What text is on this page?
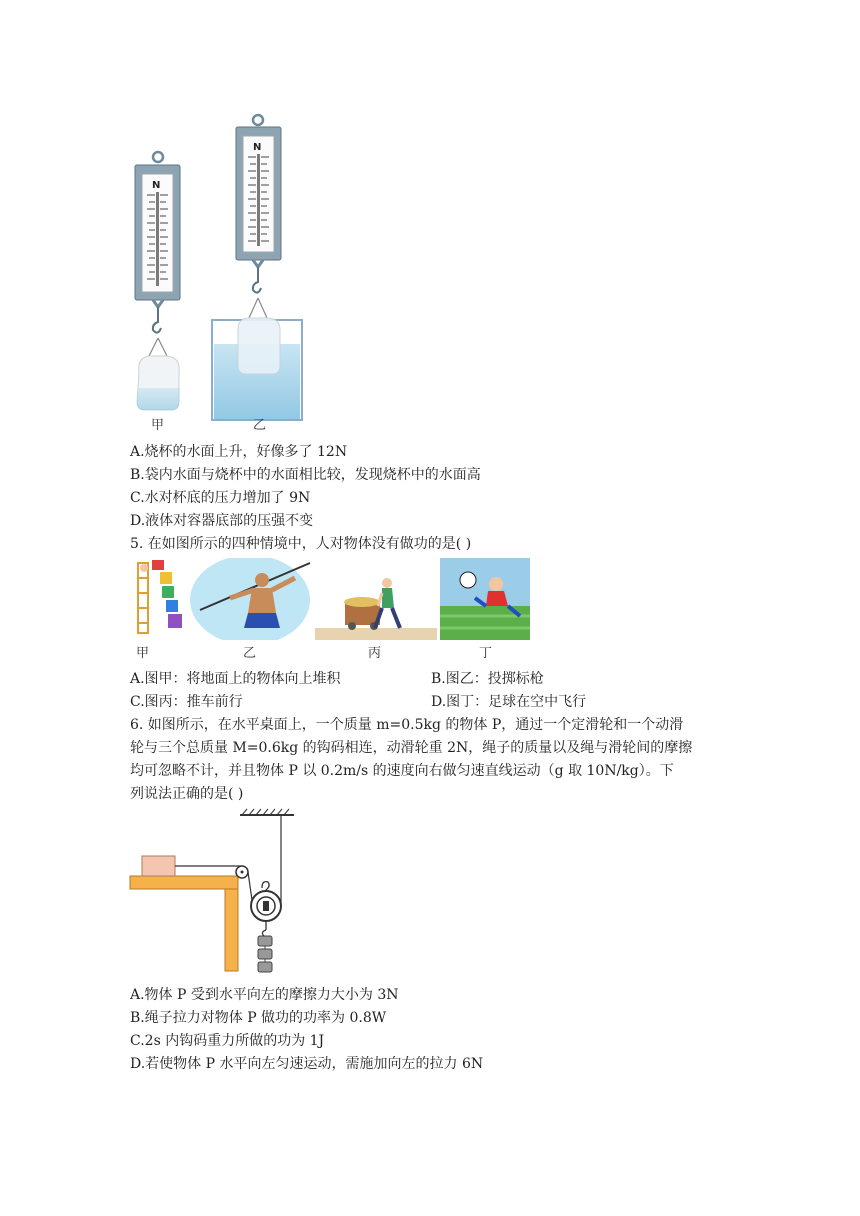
N
N
甲	乙
A.烧杯的水面上升，好像多了 12N
B.袋内水面与烧杯中的水面相比较，发现烧杯中的水面高
C.水对杯底的压力增加了 9N
D.液体对容器底部的压强不变
5. 在如图所示的四种情境中，人对物体没有做功的是( )
甲	乙	丙	丁
A.图甲：将地面上的物体向上堆积	B.图乙：投掷标枪
C.图丙：推车前行	D.图丁：足球在空中飞行
6. 如图所示，在水平桌面上，一个质量 m=0.5kg 的物体 P，通过一个定滑轮和一个动滑
轮与三个总质量 M=0.6kg 的钩码相连，动滑轮重 2N，绳子的质量以及绳与滑轮间的摩擦
均可忽略不计，并且物体 P 以 0.2m/s 的速度向右做匀速直线运动（g 取 10N/kg）。下
列说法正确的是( )
A.物体 P 受到水平向左的摩擦力大小为 3N
B.绳子拉力对物体 P 做功的功率为 0.8W
C.2s 内钩码重力所做的功为 1J
D.若使物体 P 水平向左匀速运动，需施加向左的拉力 6N
